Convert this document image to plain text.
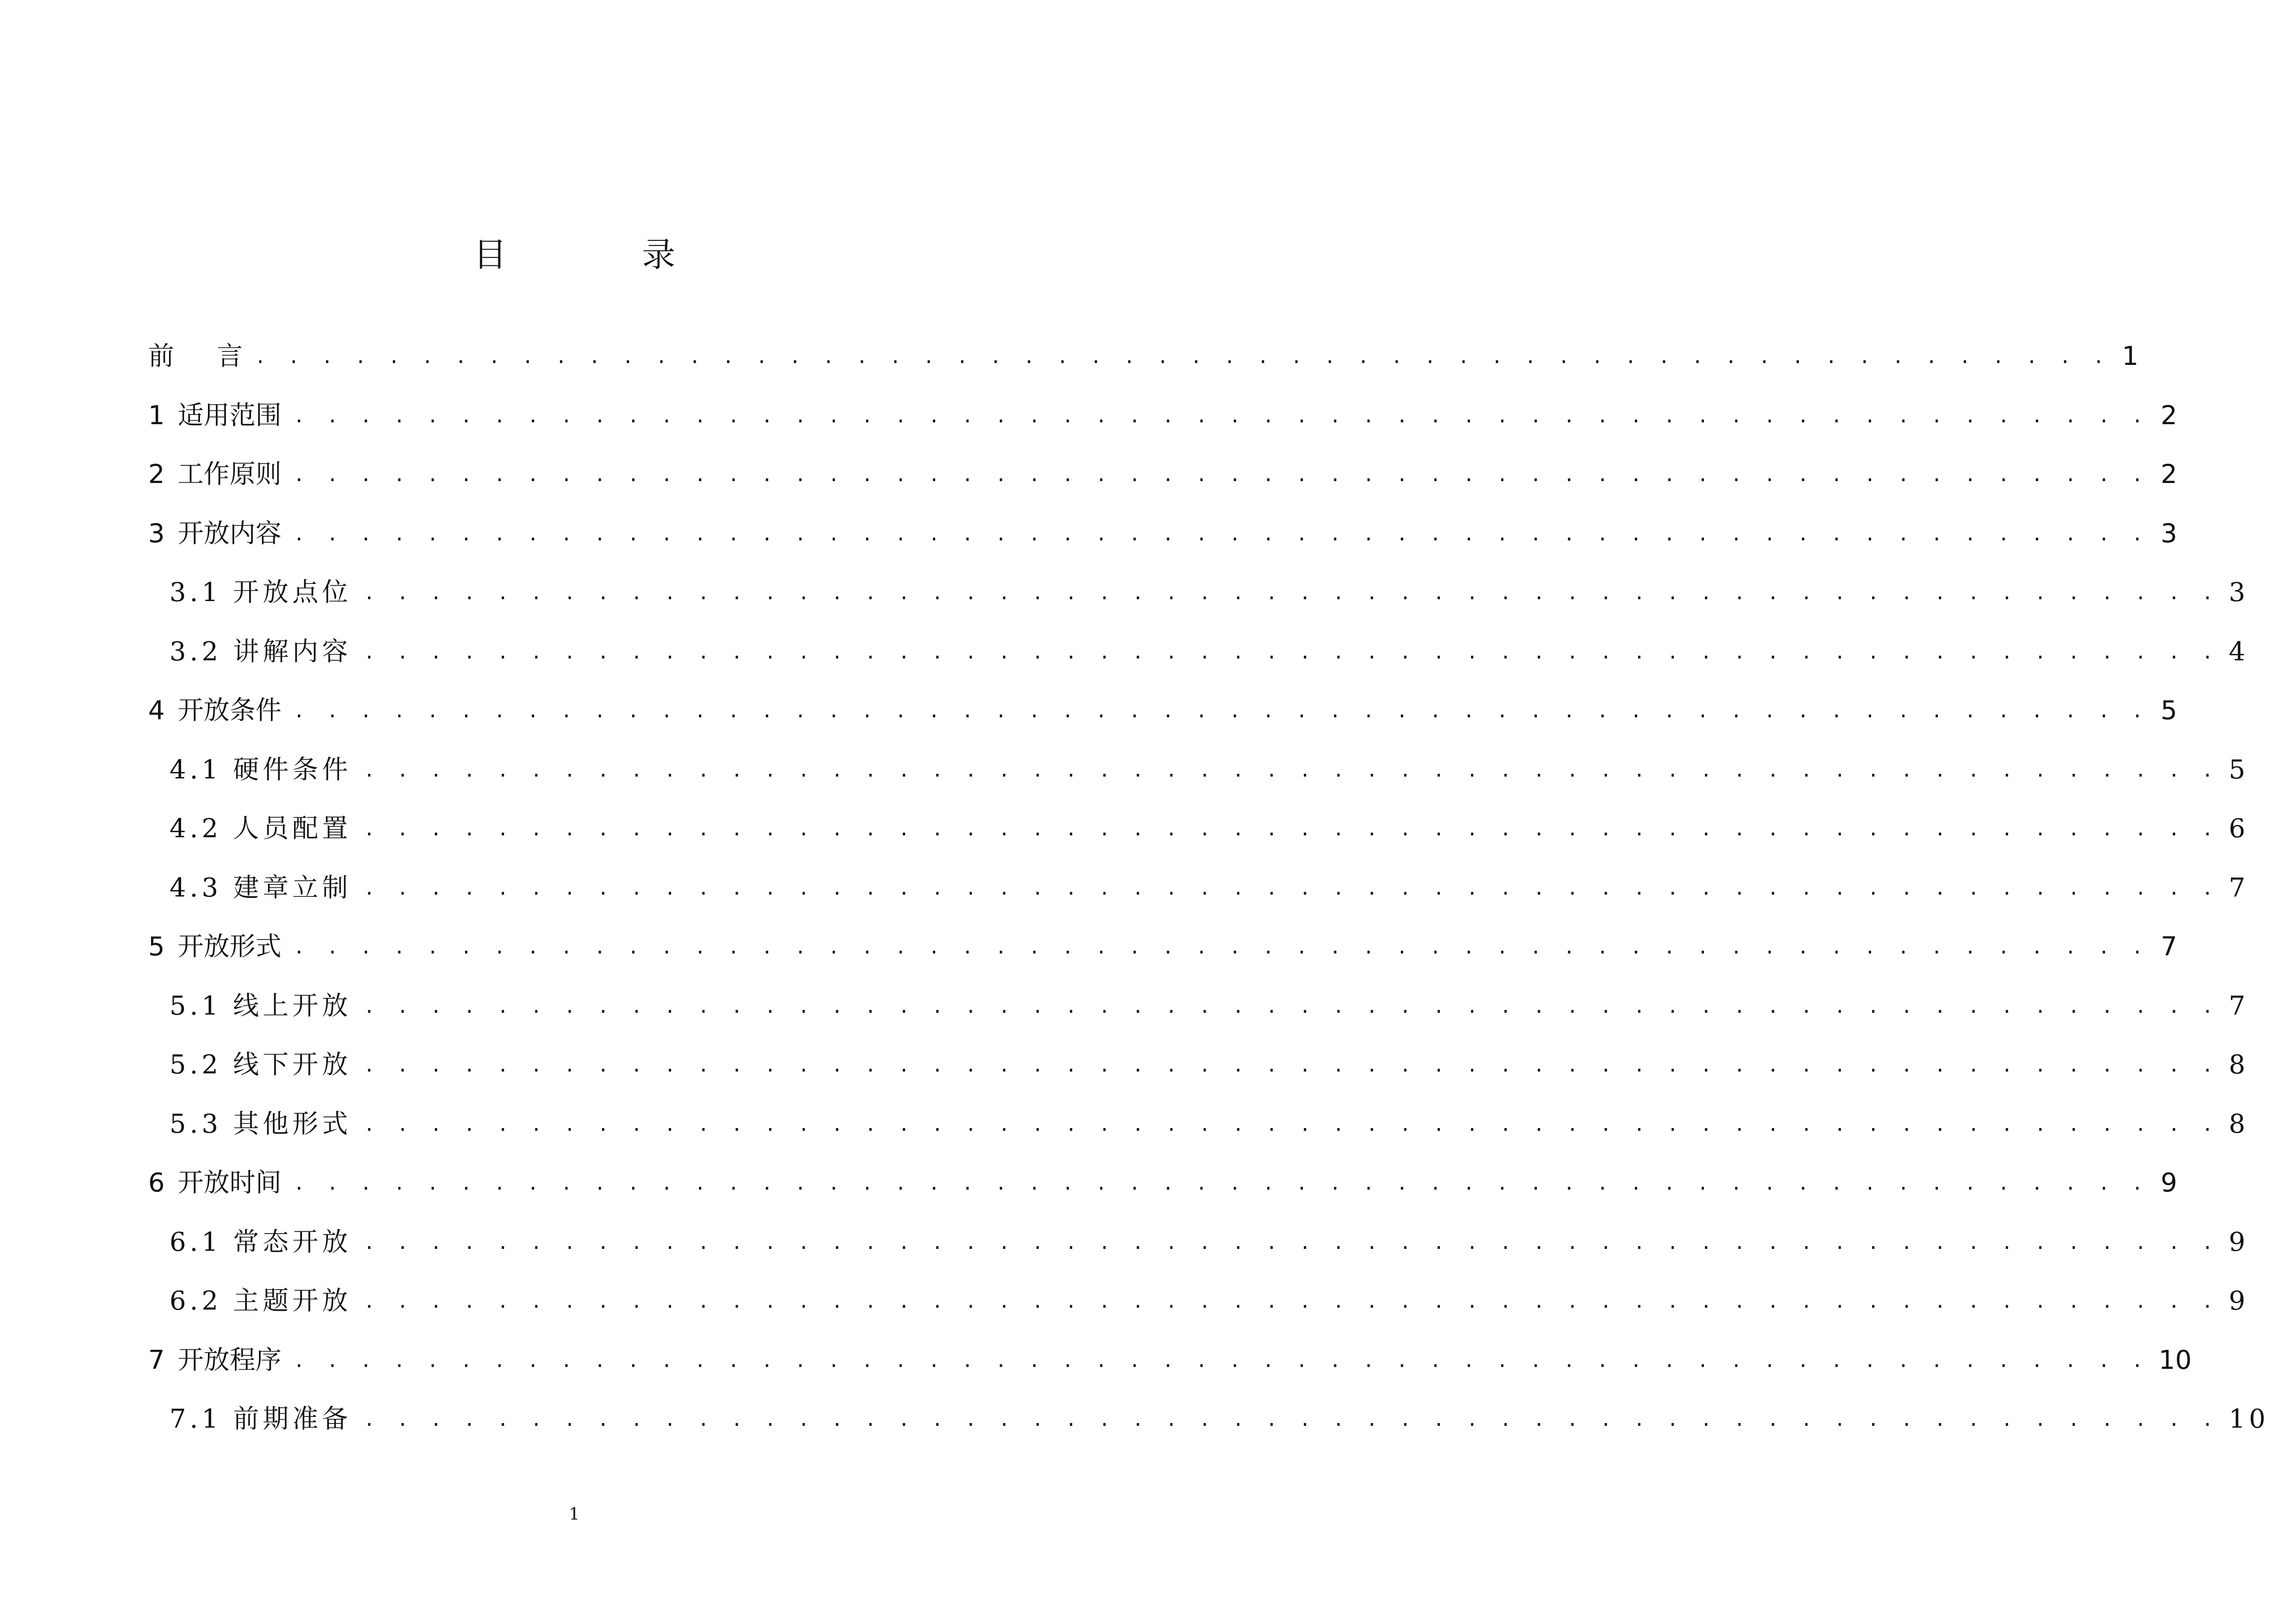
目　录
前 言 . . . . . . . . . . . . . . . . . . . . . . . . . . . . . . . . . . . . . . . . . . . . . . . . . . . . . . . . 1
1 适用范围 . . . . . . . . . . . . . . . . . . . . . . . . . . . . . . . . . . . . . . . . . . . . . . . . . . . . . . . . 2
2 工作原则 . . . . . . . . . . . . . . . . . . . . . . . . . . . . . . . . . . . . . . . . . . . . . . . . . . . . . . . . 2
3 开放内容 . . . . . . . . . . . . . . . . . . . . . . . . . . . . . . . . . . . . . . . . . . . . . . . . . . . . . . . . 3
3.1 开放点位 . . . . . . . . . . . . . . . . . . . . . . . . . . . . . . . . . . . . . . . . . . . . . . . . . . . . . . . . 3
3.2 讲解内容 . . . . . . . . . . . . . . . . . . . . . . . . . . . . . . . . . . . . . . . . . . . . . . . . . . . . . . . . 4
4 开放条件 . . . . . . . . . . . . . . . . . . . . . . . . . . . . . . . . . . . . . . . . . . . . . . . . . . . . . . . . 5
4.1 硬件条件 . . . . . . . . . . . . . . . . . . . . . . . . . . . . . . . . . . . . . . . . . . . . . . . . . . . . . . . . 5
4.2 人员配置 . . . . . . . . . . . . . . . . . . . . . . . . . . . . . . . . . . . . . . . . . . . . . . . . . . . . . . . . 6
4.3 建章立制 . . . . . . . . . . . . . . . . . . . . . . . . . . . . . . . . . . . . . . . . . . . . . . . . . . . . . . . . 7
5 开放形式 . . . . . . . . . . . . . . . . . . . . . . . . . . . . . . . . . . . . . . . . . . . . . . . . . . . . . . . . 7
5.1 线上开放 . . . . . . . . . . . . . . . . . . . . . . . . . . . . . . . . . . . . . . . . . . . . . . . . . . . . . . . . 7
5.2 线下开放 . . . . . . . . . . . . . . . . . . . . . . . . . . . . . . . . . . . . . . . . . . . . . . . . . . . . . . . . 8
5.3 其他形式 . . . . . . . . . . . . . . . . . . . . . . . . . . . . . . . . . . . . . . . . . . . . . . . . . . . . . . . . 8
6 开放时间 . . . . . . . . . . . . . . . . . . . . . . . . . . . . . . . . . . . . . . . . . . . . . . . . . . . . . . . . 9
6.1 常态开放 . . . . . . . . . . . . . . . . . . . . . . . . . . . . . . . . . . . . . . . . . . . . . . . . . . . . . . . . 9
6.2 主题开放 . . . . . . . . . . . . . . . . . . . . . . . . . . . . . . . . . . . . . . . . . . . . . . . . . . . . . . . . 9
7 开放程序 . . . . . . . . . . . . . . . . . . . . . . . . . . . . . . . . . . . . . . . . . . . . . . . . . . . . . . . . 10
7.1 前期准备 . . . . . . . . . . . . . . . . . . . . . . . . . . . . . . . . . . . . . . . . . . . . . . . . . . . . . . . . 10
1
